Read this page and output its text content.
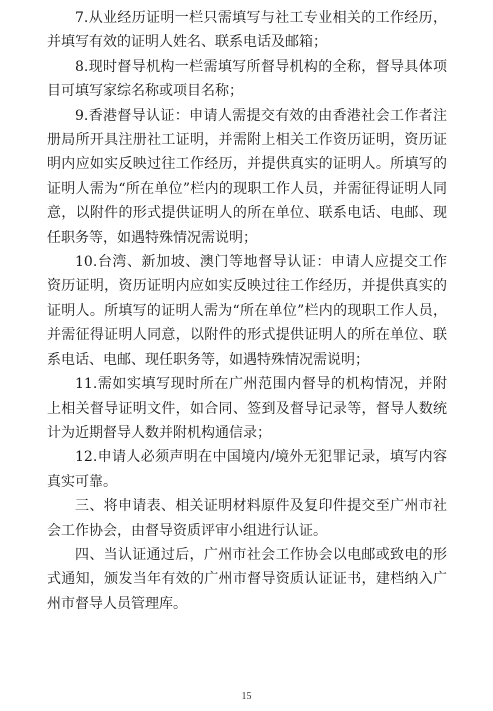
7.从业经历证明一栏只需填写与社工专业相关的工作经历，并填写有效的证明人姓名、联系电话及邮箱；

8.现时督导机构一栏需填写所督导机构的全称，督导具体项目可填写家综名称或项目名称；

9.香港督导认证：申请人需提交有效的由香港社会工作者注册局所开具注册社工证明，并需附上相关工作资历证明，资历证明内应如实反映过往工作经历，并提供真实的证明人。所填写的证明人需为“所在单位”栏内的现职工作人员，并需征得证明人同意，以附件的形式提供证明人的所在单位、联系电话、电邮、现任职务等，如遇特殊情况需说明；

10.台湾、新加坡、澳门等地督导认证：申请人应提交工作资历证明，资历证明内应如实反映过往工作经历，并提供真实的证明人。所填写的证明人需为“所在单位”栏内的现职工作人员，并需征得证明人同意，以附件的形式提供证明人的所在单位、联系电话、电邮、现任职务等，如遇特殊情况需说明；

11.需如实填写现时所在广州范围内督导的机构情况，并附上相关督导证明文件，如合同、签到及督导记录等，督导人数统计为近期督导人数并附机构通信录；

12.申请人必须声明在中国境内/境外无犯罪记录，填写内容真实可靠。

三、将申请表、相关证明材料原件及复印件提交至广州市社会工作协会，由督导资质评审小组进行认证。

四、当认证通过后，广州市社会工作协会以电邮或致电的形式通知，颁发当年有效的广州市督导资质认证证书，建档纳入广州市督导人员管理库。

15
